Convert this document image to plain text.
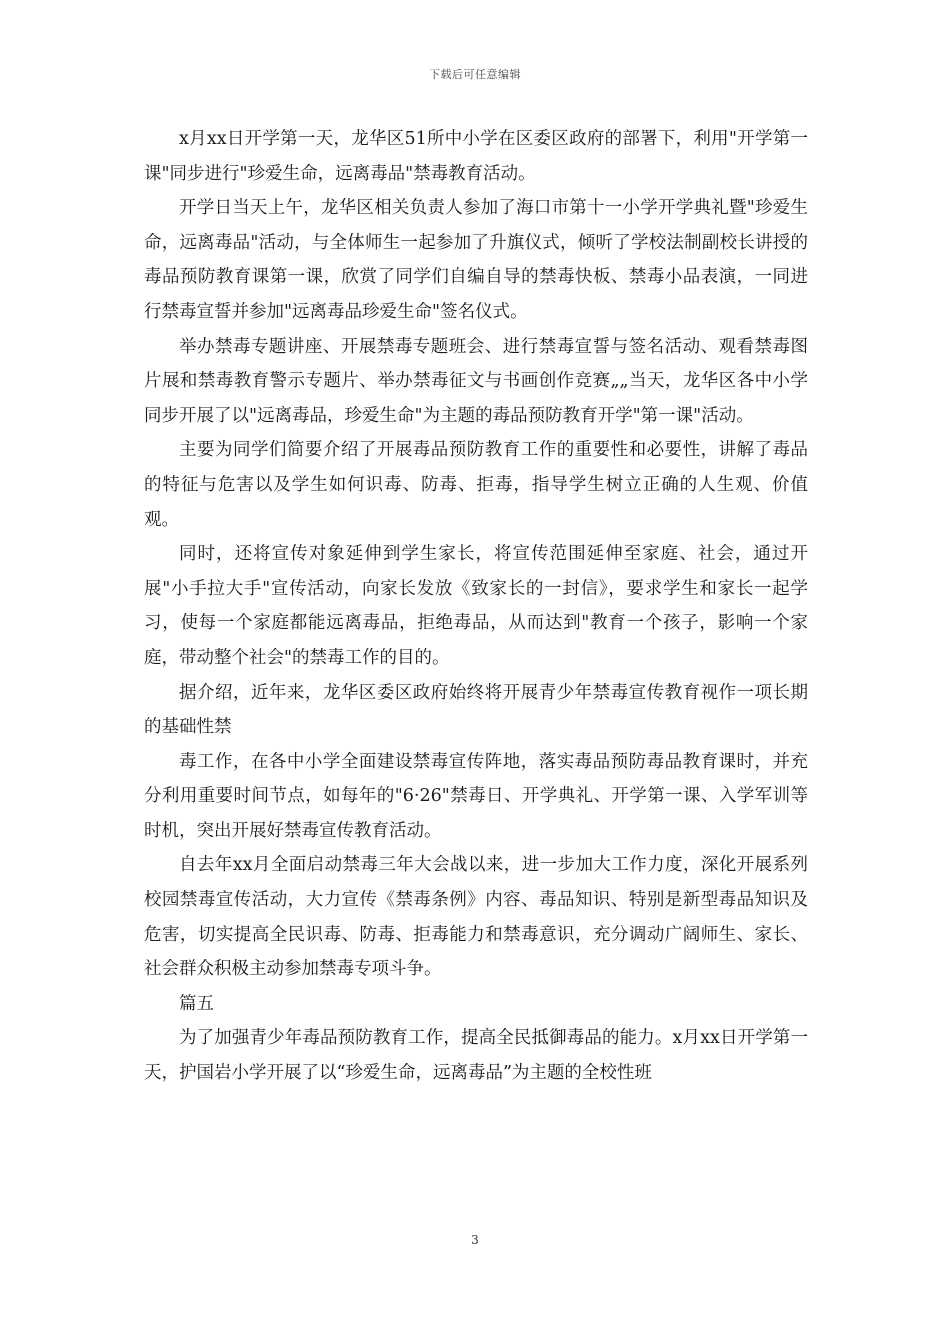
下载后可任意编辑

x月xx日开学第一天，龙华区51所中小学在区委区政府的部署下，利用"开学第一课"同步进行"珍爱生命，远离毒品"禁毒教育活动。

开学日当天上午，龙华区相关负责人参加了海口市第十一小学开学典礼暨"珍爱生命，远离毒品"活动，与全体师生一起参加了升旗仪式，倾听了学校法制副校长讲授的毒品预防教育课第一课，欣赏了同学们自编自导的禁毒快板、禁毒小品表演，一同进行禁毒宣誓并参加"远离毒品珍爱生命"签名仪式。

举办禁毒专题讲座、开展禁毒专题班会、进行禁毒宣誓与签名活动、观看禁毒图片展和禁毒教育警示专题片、举办禁毒征文与书画创作竞赛„„当天，龙华区各中小学同步开展了以"远离毒品，珍爱生命"为主题的毒品预防教育开学"第一课"活动。

主要为同学们简要介绍了开展毒品预防教育工作的重要性和必要性，讲解了毒品的特征与危害以及学生如何识毒、防毒、拒毒，指导学生树立正确的人生观、价值观。

同时，还将宣传对象延伸到学生家长，将宣传范围延伸至家庭、社会，通过开展"小手拉大手"宣传活动，向家长发放《致家长的一封信》，要求学生和家长一起学习，使每一个家庭都能远离毒品，拒绝毒品，从而达到"教育一个孩子，影响一个家庭，带动整个社会"的禁毒工作的目的。

据介绍，近年来，龙华区委区政府始终将开展青少年禁毒宣传教育视作一项长期的基础性禁

毒工作，在各中小学全面建设禁毒宣传阵地，落实毒品预防毒品教育课时，并充分利用重要时间节点，如每年的"6·26"禁毒日、开学典礼、开学第一课、入学军训等时机，突出开展好禁毒宣传教育活动。

自去年xx月全面启动禁毒三年大会战以来，进一步加大工作力度，深化开展系列校园禁毒宣传活动，大力宣传《禁毒条例》内容、毒品知识、特别是新型毒品知识及危害，切实提高全民识毒、防毒、拒毒能力和禁毒意识，充分调动广阔师生、家长、社会群众积极主动参加禁毒专项斗争。

篇五

为了加强青少年毒品预防教育工作，提高全民抵御毒品的能力。x月xx日开学第一天，护国岩小学开展了以“珍爱生命，远离毒品”为主题的全校性班

3
